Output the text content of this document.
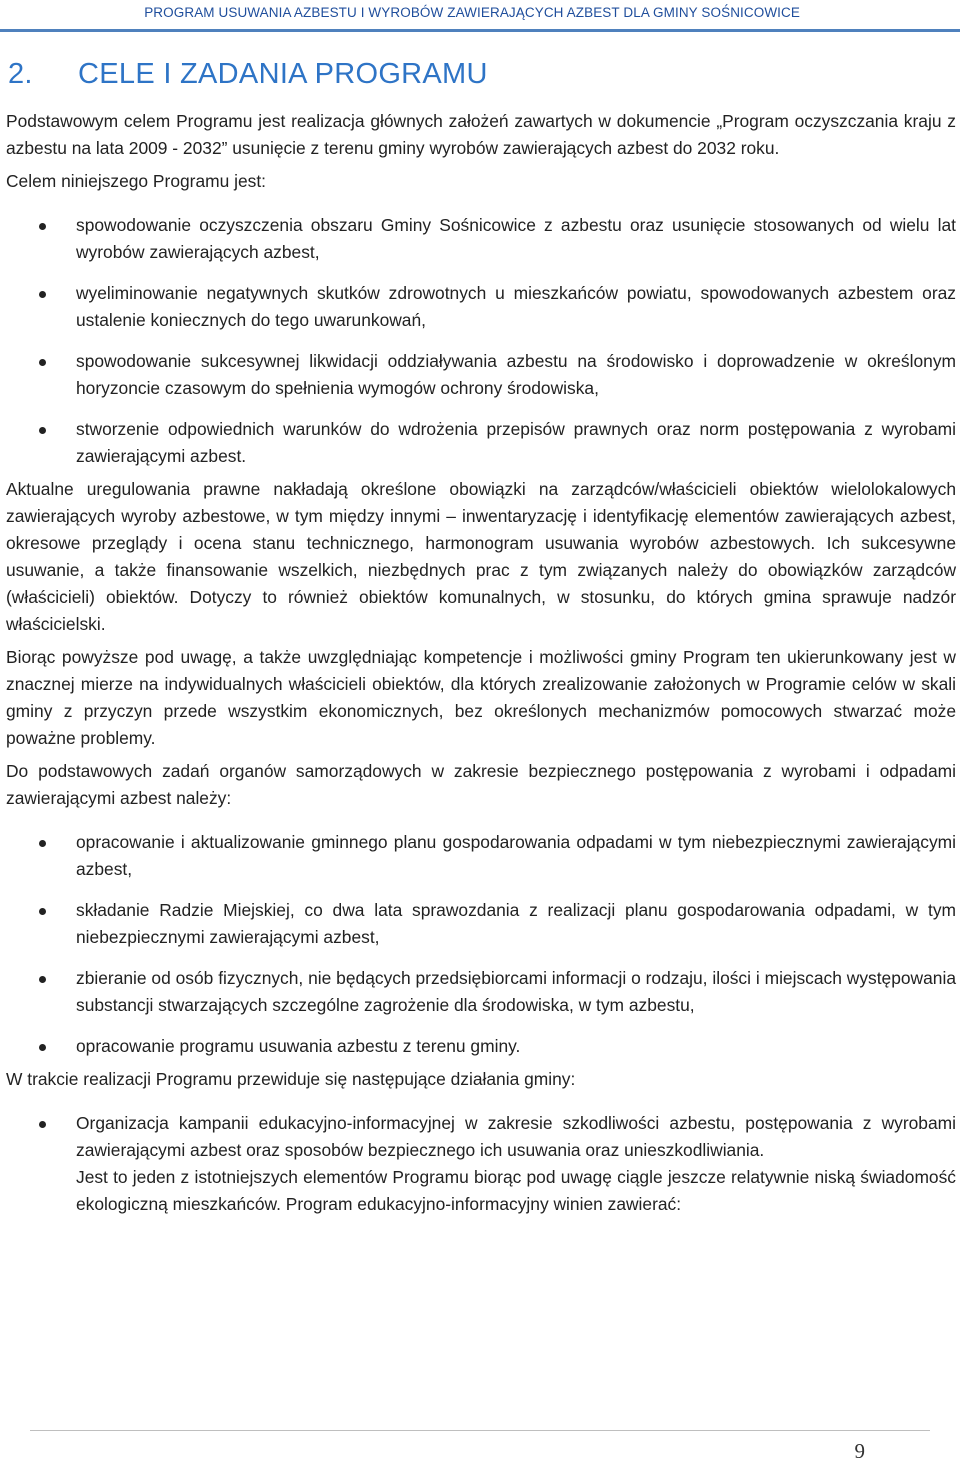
PROGRAM USUWANIA AZBESTU I WYROBÓW ZAWIERAJĄCYCH AZBEST DLA GMINY SOŚNICOWICE
2. CELE I ZADANIA PROGRAMU

Podstawowym celem Programu jest realizacja głównych założeń zawartych w dokumencie „Program oczyszczania kraju z azbestu na lata 2009 - 2032” usunięcie z terenu gminy wyrobów zawierających azbest do 2032 roku.

Celem niniejszego Programu jest:

spowodowanie oczyszczenia obszaru Gminy Sośnicowice z azbestu oraz usunięcie stosowanych od wielu lat wyrobów zawierających azbest,
wyeliminowanie negatywnych skutków zdrowotnych u mieszkańców powiatu, spowodowanych azbestem oraz ustalenie koniecznych do tego uwarunkowań,
spowodowanie sukcesywnej likwidacji oddziaływania azbestu na środowisko i doprowadzenie w określonym horyzoncie czasowym do spełnienia wymogów ochrony środowiska,
stworzenie odpowiednich warunków do wdrożenia przepisów prawnych oraz norm postępowania z wyrobami zawierającymi azbest.

Aktualne uregulowania prawne nakładają określone obowiązki na zarządców/właścicieli obiektów wielolokalowych zawierających wyroby azbestowe, w tym między innymi – inwentaryzację i identyfikację elementów zawierających azbest, okresowe przeglądy i ocena stanu technicznego, harmonogram usuwania wyrobów azbestowych. Ich sukcesywne usuwanie, a także finansowanie wszelkich, niezbędnych prac z tym związanych należy do obowiązków zarządców (właścicieli) obiektów. Dotyczy to również obiektów komunalnych, w stosunku, do których gmina sprawuje nadzór właścicielski.

Biorąc powyższe pod uwagę, a także uwzględniając kompetencje i możliwości gminy Program ten ukierunkowany jest w znacznej mierze na indywidualnych właścicieli obiektów, dla których zrealizowanie założonych w Programie celów w skali gminy z przyczyn przede wszystkim ekonomicznych, bez określonych mechanizmów pomocowych stwarzać może poważne problemy.

Do podstawowych zadań organów samorządowych w zakresie bezpiecznego postępowania z wyrobami i odpadami zawierającymi azbest należy:

opracowanie i aktualizowanie gminnego planu gospodarowania odpadami w tym niebezpiecznymi zawierającymi azbest,
składanie Radzie Miejskiej, co dwa lata sprawozdania z realizacji planu gospodarowania odpadami, w tym niebezpiecznymi zawierającymi azbest,
zbieranie od osób fizycznych, nie będących przedsiębiorcami informacji o rodzaju, ilości i miejscach występowania substancji stwarzających szczególne zagrożenie dla środowiska, w tym azbestu,
opracowanie programu usuwania azbestu z terenu gminy.

W trakcie realizacji Programu przewiduje się następujące działania gminy:

Organizacja kampanii edukacyjno-informacyjnej w zakresie szkodliwości azbestu, postępowania z wyrobami zawierającymi azbest oraz sposobów bezpiecznego ich usuwania oraz unieszkodliwiania.
Jest to jeden z istotniejszych elementów Programu biorąc pod uwagę ciągle jeszcze relatywnie niską świadomość ekologiczną mieszkańców. Program edukacyjno-informacyjny winien zawierać:
9
